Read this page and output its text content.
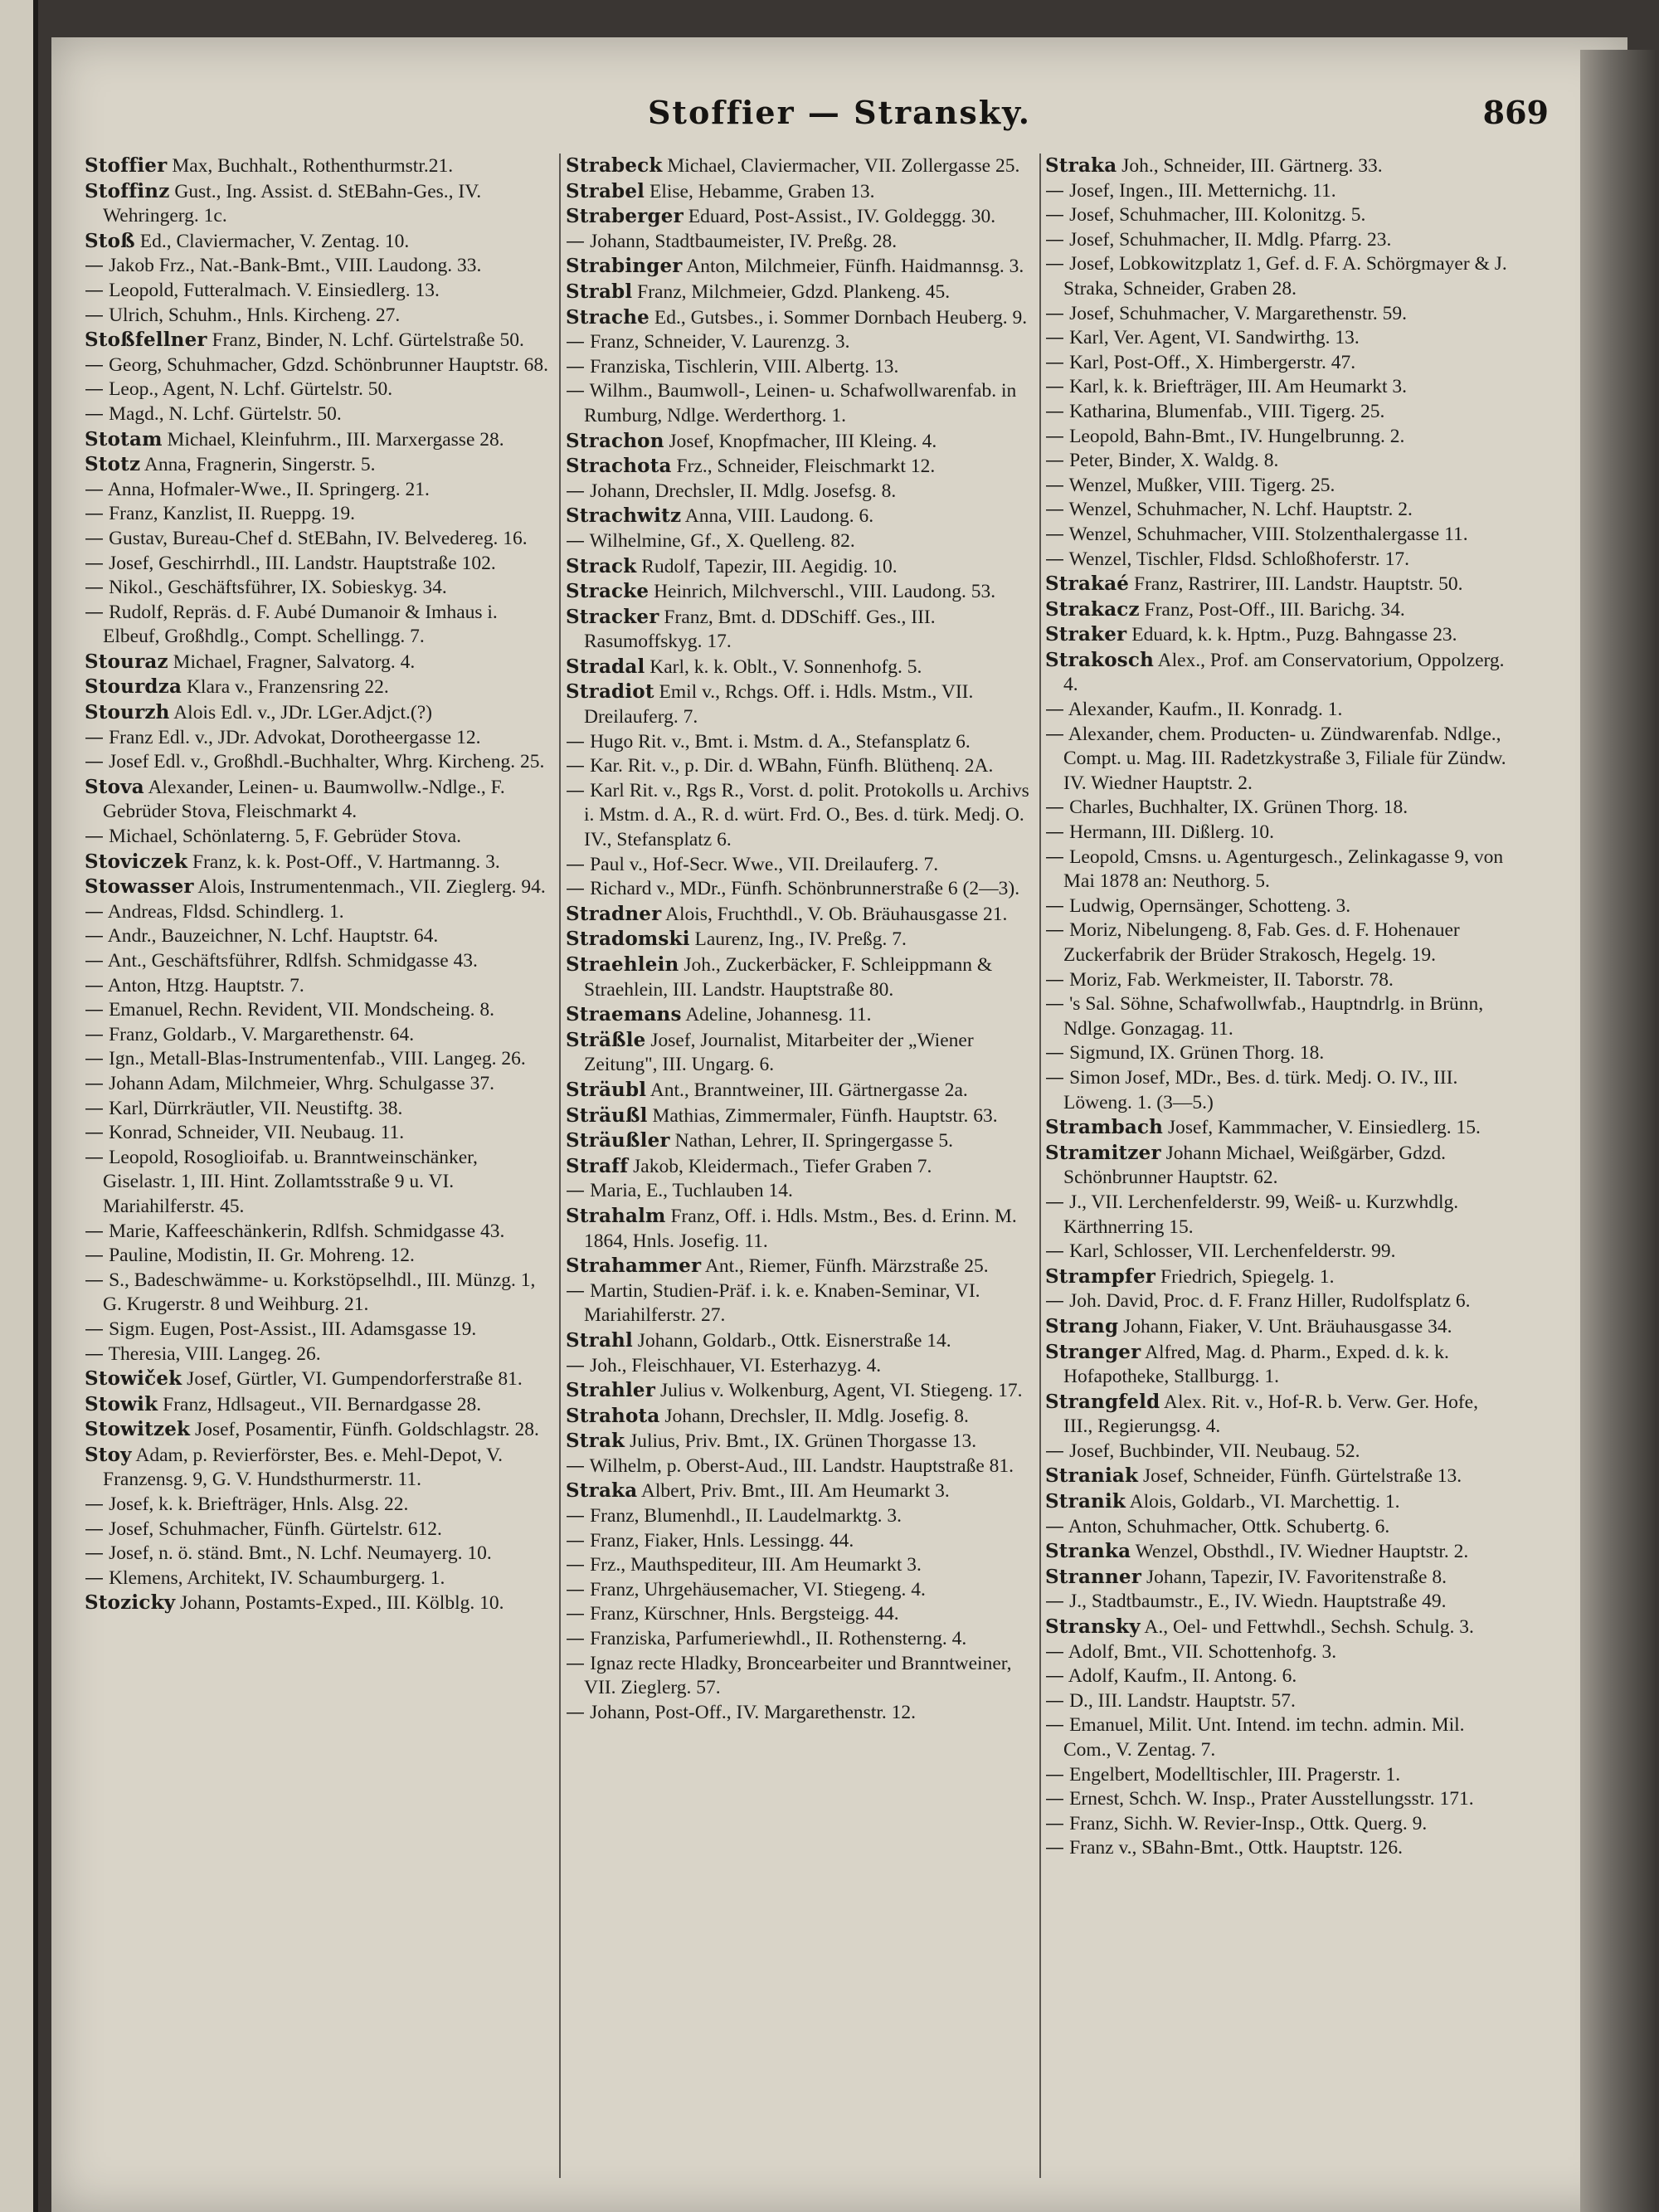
Stoffier — Stransky.	869

Stoffier Max, Buchhalt., Rothenthurmstr.21.

Stoffinz Gust., Ing. Assist. d. StEBahn-Ges., IV. Wehringerg. 1c.

Stoß Ed., Claviermacher, V. Zentag. 10.

— Jakob Frz., Nat.-Bank-Bmt., VIII. Laudong. 33.

— Leopold, Futteralmach. V. Einsiedlerg. 13.

— Ulrich, Schuhm., Hnls. Kircheng. 27.

Stoßfellner Franz, Binder, N. Lchf. Gürtelstraße 50.

— Georg, Schuhmacher, Gdzd. Schönbrunner Hauptstr. 68.

— Leop., Agent, N. Lchf. Gürtelstr. 50.

— Magd., N. Lchf. Gürtelstr. 50.

Stotam Michael, Kleinfuhrm., III. Marxergasse 28.

Stotz Anna, Fragnerin, Singerstr. 5.

— Anna, Hofmaler-Wwe., II. Springerg. 21.

— Franz, Kanzlist, II. Rueppg. 19.

— Gustav, Bureau-Chef d. StEBahn, IV. Belvedereg. 16.

— Josef, Geschirrhdl., III. Landstr. Hauptstraße 102.

— Nikol., Geschäftsführer, IX. Sobieskyg. 34.

— Rudolf, Repräs. d. F. Aubé Dumanoir & Imhaus i. Elbeuf, Großhdlg., Compt. Schellingg. 7.

Stouraz Michael, Fragner, Salvatorg. 4.

Stourdza Klara v., Franzensring 22.

Stourzh Alois Edl. v., JDr. LGer.Adjct.(?)

— Franz Edl. v., JDr. Advokat, Dorotheergasse 12.

— Josef Edl. v., Großhdl.-Buchhalter, Whrg. Kircheng. 25.

Stova Alexander, Leinen- u. Baumwollw.-Ndlge., F. Gebrüder Stova, Fleischmarkt 4.

— Michael, Schönlaterng. 5, F. Gebrüder Stova.

Stoviczek Franz, k. k. Post-Off., V. Hartmanng. 3.

Stowasser Alois, Instrumentenmach., VII. Zieglerg. 94.

— Andreas, Fldsd. Schindlerg. 1.

— Andr., Bauzeichner, N. Lchf. Hauptstr. 64.

— Ant., Geschäftsführer, Rdlfsh. Schmidgasse 43.

— Anton, Htzg. Hauptstr. 7.

— Emanuel, Rechn. Revident, VII. Mondscheing. 8.

— Franz, Goldarb., V. Margarethenstr. 64.

— Ign., Metall-Blas-Instrumentenfab., VIII. Langeg. 26.

— Johann Adam, Milchmeier, Whrg. Schulgasse 37.

— Karl, Dürrkräutler, VII. Neustiftg. 38.

— Konrad, Schneider, VII. Neubaug. 11.

— Leopold, Rosoglioifab. u. Branntweinschänker, Giselastr. 1, III. Hint. Zollamtsstraße 9 u. VI. Mariahilferstr. 45.

— Marie, Kaffeeschänkerin, Rdlfsh. Schmidgasse 43.

— Pauline, Modistin, II. Gr. Mohreng. 12.

— S., Badeschwämme- u. Korkstöpselhdl., III. Münzg. 1, G. Krugerstr. 8 und Weihburg. 21.

— Sigm. Eugen, Post-Assist., III. Adamsgasse 19.

— Theresia, VIII. Langeg. 26.

Stowiček Josef, Gürtler, VI. Gumpendorferstraße 81.

Stowik Franz, Hdlsageut., VII. Bernardgasse 28.

Stowitzek Josef, Posamentir, Fünfh. Goldschlagstr. 28.

Stoy Adam, p. Revierförster, Bes. e. Mehl-Depot, V. Franzensg. 9, G. V. Hundsthurmerstr. 11.

— Josef, k. k. Briefträger, Hnls. Alsg. 22.

— Josef, Schuhmacher, Fünfh. Gürtelstr. 612.

— Josef, n. ö. ständ. Bmt., N. Lchf. Neumayerg. 10.

— Klemens, Architekt, IV. Schaumburgerg. 1.

Stozicky Johann, Postamts-Exped., III. Kölblg. 10.

Strabeck Michael, Claviermacher, VII. Zollergasse 25.

Strabel Elise, Hebamme, Graben 13.

Straberger Eduard, Post-Assist., IV. Goldeggg. 30.

— Johann, Stadtbaumeister, IV. Preßg. 28.

Strabinger Anton, Milchmeier, Fünfh. Haidmannsg. 3.

Strabl Franz, Milchmeier, Gdzd. Plankeng. 45.

Strache Ed., Gutsbes., i. Sommer Dornbach Heuberg. 9.

— Franz, Schneider, V. Laurenzg. 3.

— Franziska, Tischlerin, VIII. Albertg. 13.

— Wilhm., Baumwoll-, Leinen- u. Schafwollwarenfab. in Rumburg, Ndlge. Werderthorg. 1.

Strachon Josef, Knopfmacher, III Kleing. 4.

Strachota Frz., Schneider, Fleischmarkt 12.

— Johann, Drechsler, II. Mdlg. Josefsg. 8.

Strachwitz Anna, VIII. Laudong. 6.

— Wilhelmine, Gf., X. Quelleng. 82.

Strack Rudolf, Tapezir, III. Aegidig. 10.

Stracke Heinrich, Milchverschl., VIII. Laudong. 53.

Stracker Franz, Bmt. d. DDSchiff. Ges., III. Rasumoffskyg. 17.

Stradal Karl, k. k. Oblt., V. Sonnenhofg. 5.

Stradiot Emil v., Rchgs. Off. i. Hdls. Mstm., VII. Dreilauferg. 7.

— Hugo Rit. v., Bmt. i. Mstm. d. A., Stefansplatz 6.

— Kar. Rit. v., p. Dir. d. WBahn, Fünfh. Blüthenq. 2A.

— Karl Rit. v., Rgs R., Vorst. d. polit. Protokolls u. Archivs i. Mstm. d. A., R. d. würt. Frd. O., Bes. d. türk. Medj. O. IV., Stefansplatz 6.

— Paul v., Hof-Secr. Wwe., VII. Dreilauferg. 7.

— Richard v., MDr., Fünfh. Schönbrunnerstraße 6 (2—3).

Stradner Alois, Fruchthdl., V. Ob. Bräuhausgasse 21.

Stradomski Laurenz, Ing., IV. Preßg. 7.

Straehlein Joh., Zuckerbäcker, F. Schleippmann & Straehlein, III. Landstr. Hauptstraße 80.

Straemans Adeline, Johannesg. 11.

Sträßle Josef, Journalist, Mitarbeiter der „Wiener Zeitung", III. Ungarg. 6.

Sträubl Ant., Branntweiner, III. Gärtnergasse 2a.

Sträußl Mathias, Zimmermaler, Fünfh. Hauptstr. 63.

Sträußler Nathan, Lehrer, II. Springergasse 5.

Straff Jakob, Kleidermach., Tiefer Graben 7.

— Maria, E., Tuchlauben 14.

Strahalm Franz, Off. i. Hdls. Mstm., Bes. d. Erinn. M. 1864, Hnls. Josefig. 11.

Strahammer Ant., Riemer, Fünfh. Märzstraße 25.

— Martin, Studien-Präf. i. k. e. Knaben-Seminar, VI. Mariahilferstr. 27.

Strahl Johann, Goldarb., Ottk. Eisnerstraße 14.

— Joh., Fleischhauer, VI. Esterhazyg. 4.

Strahler Julius v. Wolkenburg, Agent, VI. Stiegeng. 17.

Strahota Johann, Drechsler, II. Mdlg. Josefig. 8.

Strak Julius, Priv. Bmt., IX. Grünen Thorgasse 13.

— Wilhelm, p. Oberst-Aud., III. Landstr. Hauptstraße 81.

Straka Albert, Priv. Bmt., III. Am Heumarkt 3.

— Franz, Blumenhdl., II. Laudelmarktg. 3.

— Franz, Fiaker, Hnls. Lessingg. 44.

— Frz., Mauthspediteur, III. Am Heumarkt 3.

— Franz, Uhrgehäusemacher, VI. Stiegeng. 4.

— Franz, Kürschner, Hnls. Bergsteigg. 44.

— Franziska, Parfumeriewhdl., II. Rothensterng. 4.

— Ignaz recte Hladky, Broncearbeiter und Branntweiner, VII. Zieglerg. 57.

— Johann, Post-Off., IV. Margarethenstr. 12.

Straka Joh., Schneider, III. Gärtnerg. 33.

— Josef, Ingen., III. Metternichg. 11.

— Josef, Schuhmacher, III. Kolonitzg. 5.

— Josef, Schuhmacher, II. Mdlg. Pfarrg. 23.

— Josef, Lobkowitzplatz 1, Gef. d. F. A. Schörgmayer & J. Straka, Schneider, Graben 28.

— Josef, Schuhmacher, V. Margarethenstr. 59.

— Karl, Ver. Agent, VI. Sandwirthg. 13.

— Karl, Post-Off., X. Himbergerstr. 47.

— Karl, k. k. Briefträger, III. Am Heumarkt 3.

— Katharina, Blumenfab., VIII. Tigerg. 25.

— Leopold, Bahn-Bmt., IV. Hungelbrunng. 2.

— Peter, Binder, X. Waldg. 8.

— Wenzel, Mußker, VIII. Tigerg. 25.

— Wenzel, Schuhmacher, N. Lchf. Hauptstr. 2.

— Wenzel, Schuhmacher, VIII. Stolzenthalergasse 11.

— Wenzel, Tischler, Fldsd. Schloßhoferstr. 17.

Strakaé Franz, Rastrirer, III. Landstr. Hauptstr. 50.

Strakacz Franz, Post-Off., III. Barichg. 34.

Straker Eduard, k. k. Hptm., Puzg. Bahngasse 23.

Strakosch Alex., Prof. am Conservatorium, Oppolzerg. 4.

— Alexander, Kaufm., II. Konradg. 1.

— Alexander, chem. Producten- u. Zündwarenfab. Ndlge., Compt. u. Mag. III. Radetzkystraße 3, Filiale für Zündw. IV. Wiedner Hauptstr. 2.

— Charles, Buchhalter, IX. Grünen Thorg. 18.

— Hermann, III. Dißlerg. 10.

— Leopold, Cmsns. u. Agenturgesch., Zelinkagasse 9, von Mai 1878 an: Neuthorg. 5.

— Ludwig, Opernsänger, Schotteng. 3.

— Moriz, Nibelungeng. 8, Fab. Ges. d. F. Hohenauer Zuckerfabrik der Brüder Strakosch, Hegelg. 19.

— Moriz, Fab. Werkmeister, II. Taborstr. 78.

— 's Sal. Söhne, Schafwollwfab., Hauptndrlg. in Brünn, Ndlge. Gonzagag. 11.

— Sigmund, IX. Grünen Thorg. 18.

— Simon Josef, MDr., Bes. d. türk. Medj. O. IV., III. Löweng. 1. (3—5.)

Strambach Josef, Kammmacher, V. Einsiedlerg. 15.

Stramitzer Johann Michael, Weißgärber, Gdzd. Schönbrunner Hauptstr. 62.

— J., VII. Lerchenfelderstr. 99, Weiß- u. Kurzwhdlg. Kärthnerring 15.

— Karl, Schlosser, VII. Lerchenfelderstr. 99.

Strampfer Friedrich, Spiegelg. 1.

— Joh. David, Proc. d. F. Franz Hiller, Rudolfsplatz 6.

Strang Johann, Fiaker, V. Unt. Bräuhausgasse 34.

Stranger Alfred, Mag. d. Pharm., Exped. d. k. k. Hofapotheke, Stallburgg. 1.

Strangfeld Alex. Rit. v., Hof-R. b. Verw. Ger. Hofe, III., Regierungsg. 4.

— Josef, Buchbinder, VII. Neubaug. 52.

Straniak Josef, Schneider, Fünfh. Gürtelstraße 13.

Stranik Alois, Goldarb., VI. Marchettig. 1.

— Anton, Schuhmacher, Ottk. Schubertg. 6.

Stranka Wenzel, Obsthdl., IV. Wiedner Hauptstr. 2.

Stranner Johann, Tapezir, IV. Favoritenstraße 8.

— J., Stadtbaumstr., E., IV. Wiedn. Hauptstraße 49.

Stransky A., Oel- und Fettwhdl., Sechsh. Schulg. 3.

— Adolf, Bmt., VII. Schottenhofg. 3.

— Adolf, Kaufm., II. Antong. 6.

— D., III. Landstr. Hauptstr. 57.

— Emanuel, Milit. Unt. Intend. im techn. admin. Mil. Com., V. Zentag. 7.

— Engelbert, Modelltischler, III. Pragerstr. 1.

— Ernest, Schch. W. Insp., Prater Ausstellungsstr. 171.

— Franz, Sichh. W. Revier-Insp., Ottk. Querg. 9.

— Franz v., SBahn-Bmt., Ottk. Hauptstr. 126.
